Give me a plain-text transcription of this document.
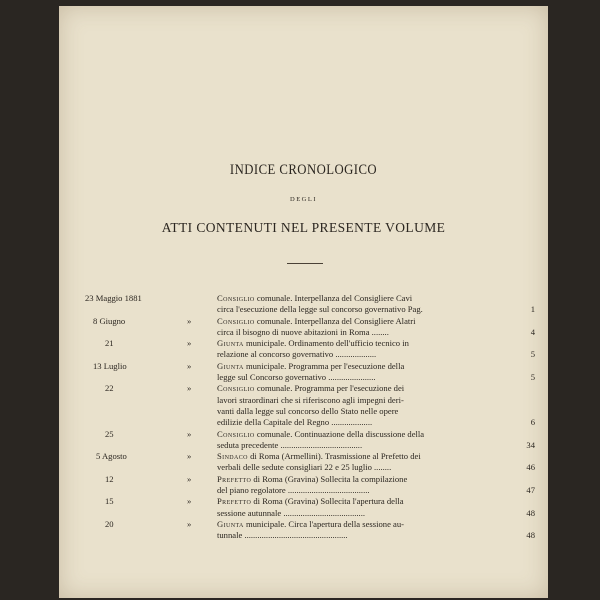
INDICE CRONOLOGICO
DEGLI
ATTI CONTENUTI NEL PRESENTE VOLUME
23 Maggio 1881	Consiglio comunale. Interpellanza del Consigliere Cavi
circa l'esecuzione della legge sul concorso governativo Pag.	1
8 Giugno	»	Consiglio comunale. Interpellanza del Consigliere Alatri
circa il bisogno di nuove abitazioni in Roma ........	4
21	»	Giunta municipale. Ordinamento dell'ufficio tecnico in
relazione al concorso governativo ...................	5
13 Luglio	»	Giunta municipale. Programma per l'esecuzione della
legge sul Concorso governativo ......................	5
22	»	Consiglio comunale. Programma per l'esecuzione dei
lavori straordinari che si riferiscono agli impegni deri-
vanti dalla legge sul concorso dello Stato nelle opere
edilizie della Capitale del Regno ...................	6
25	»	Consiglio comunale. Continuazione della discussione della
seduta precedente ......................................	34
5 Agosto	»	Sindaco di Roma (Armellini). Trasmissione al Prefetto dei
verbali delle sedute consigliari 22 e 25 luglio ........	46
12	»	Prefetto di Roma (Gravina) Sollecita la compilazione
del piano regolatore ......................................	47
15	»	Prefetto di Roma (Gravina) Sollecita l'apertura della
sessione autunnale ......................................	48
20	»	Giunta municipale. Circa l'apertura della sessione au-
tunnale ................................................	48
